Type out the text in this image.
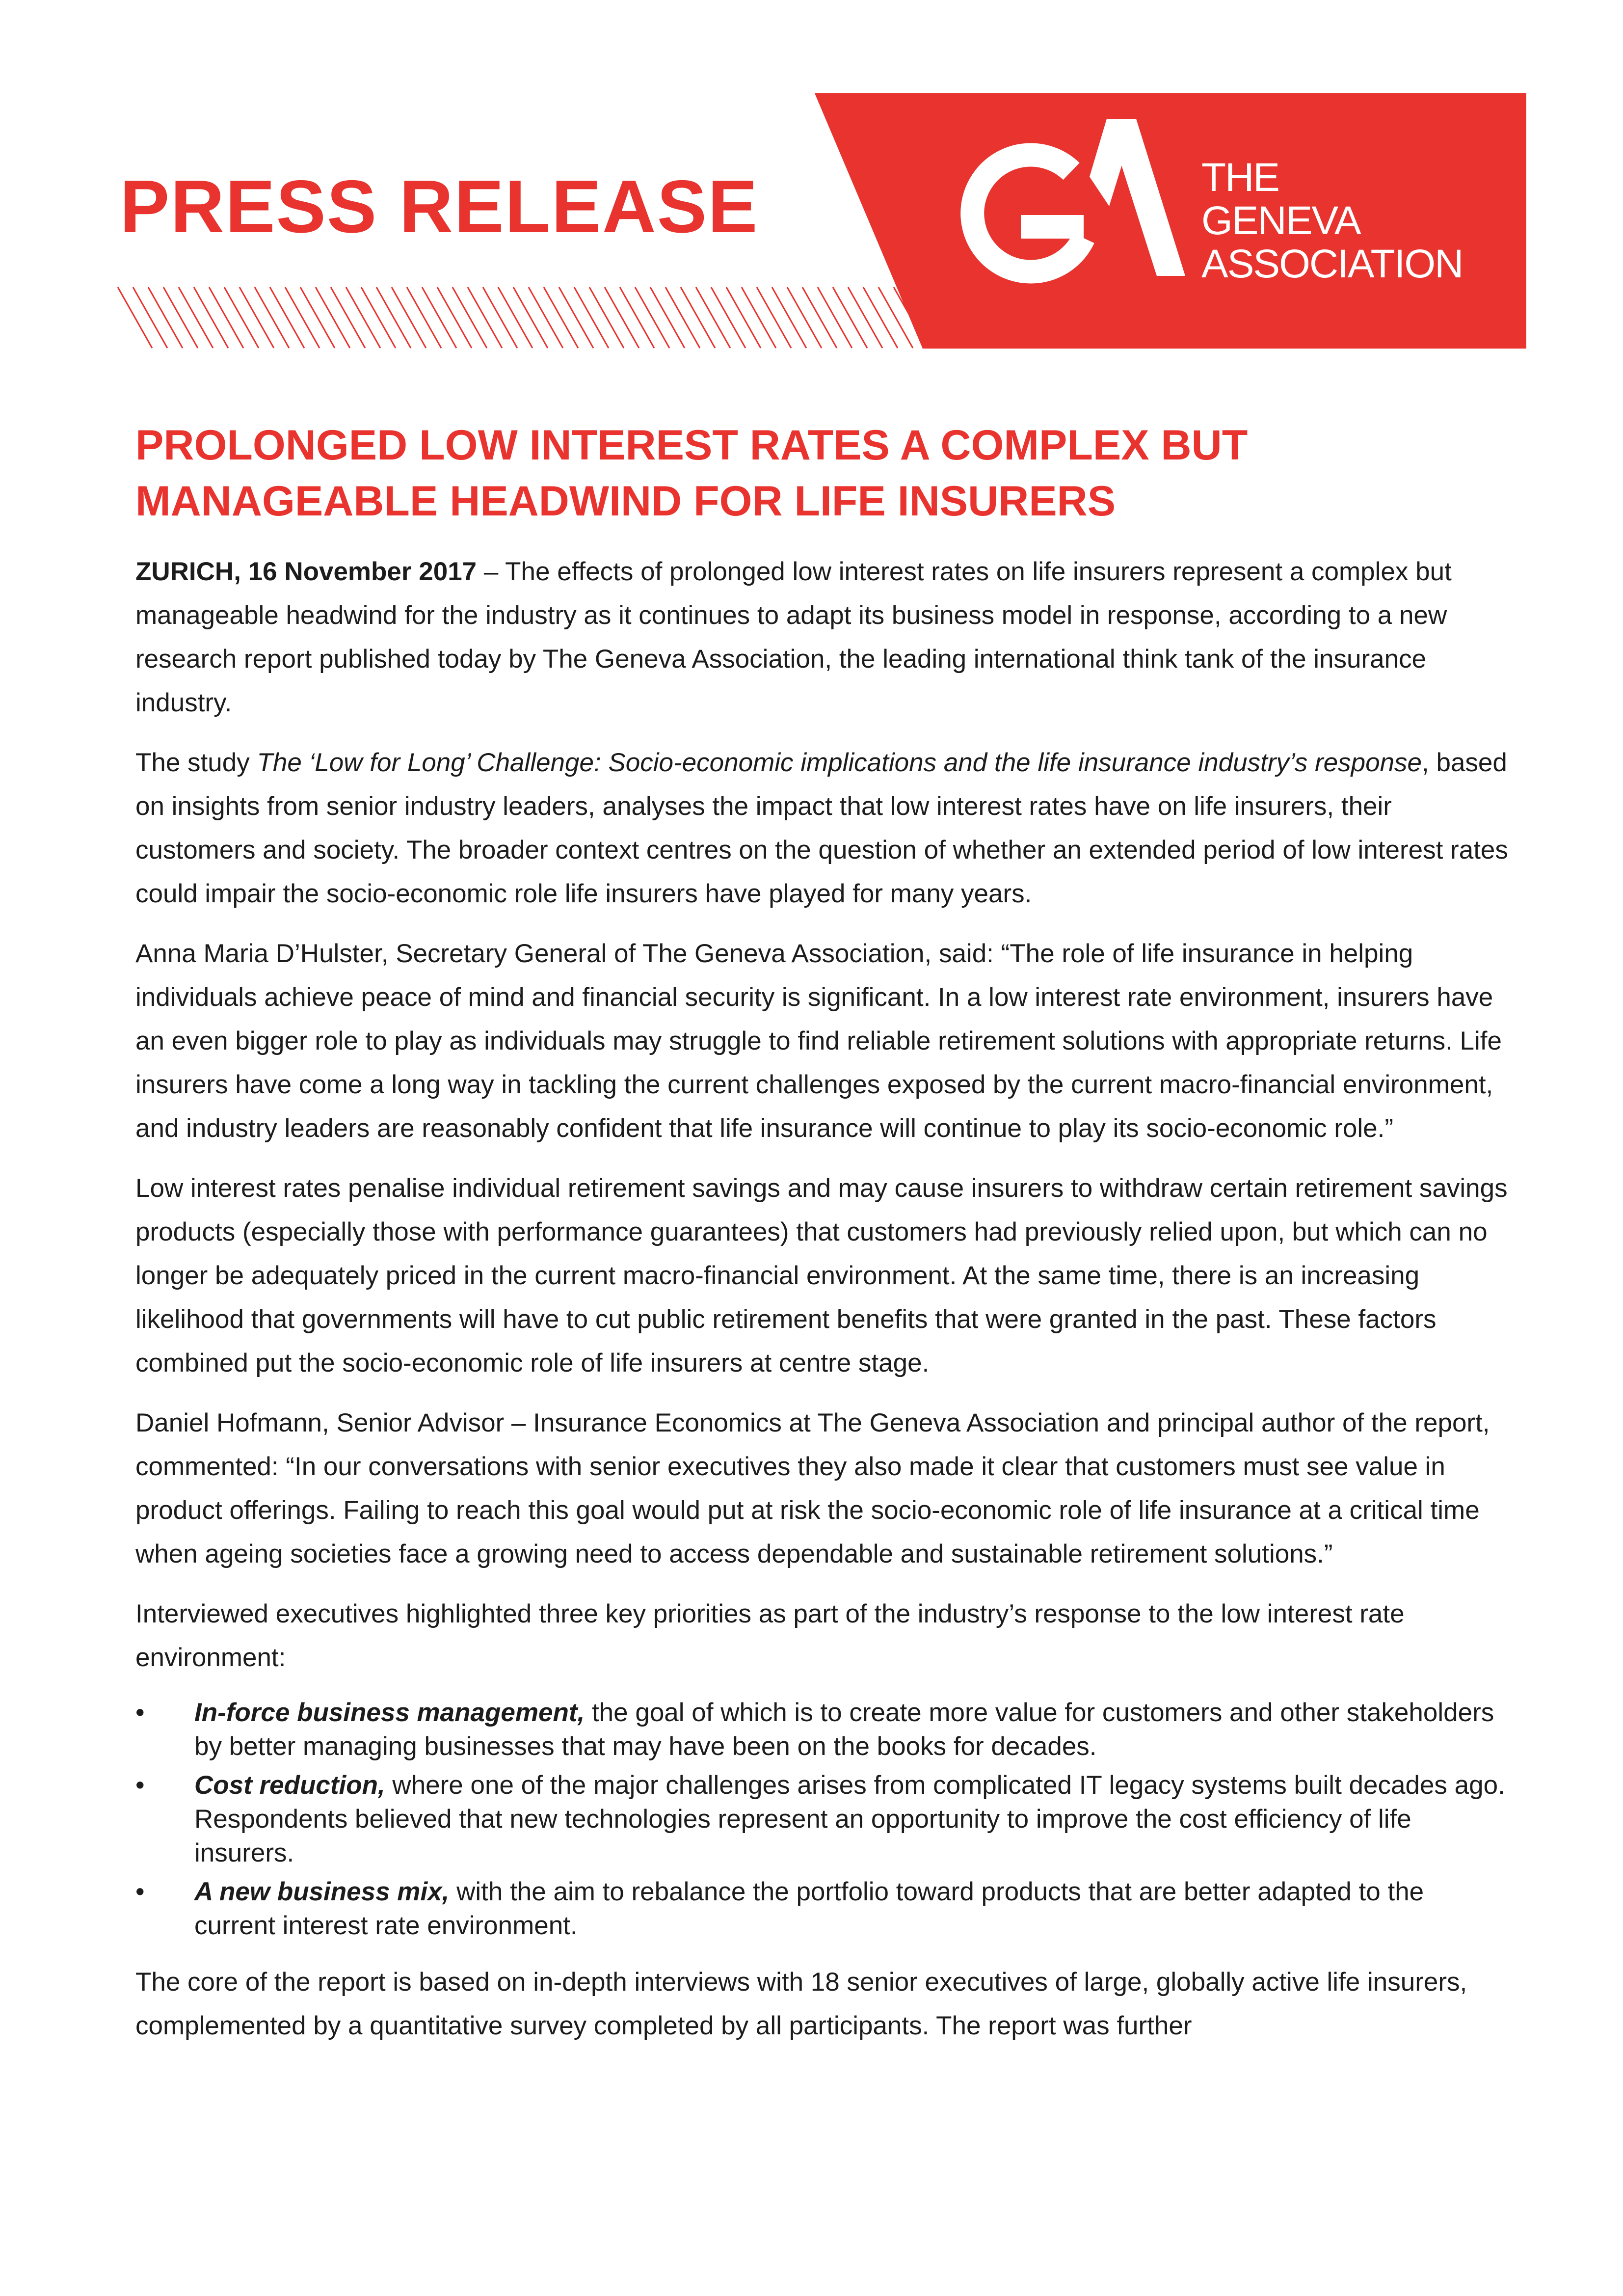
PRESS RELEASE	THE
GENEVA
ASSOCIATION
PROLONGED LOW INTEREST RATES A COMPLEX BUT
MANAGEABLE HEADWIND FOR LIFE INSURERS

ZURICH, 16 November 2017 – The effects of prolonged low interest rates on life insurers represent a complex but manageable headwind for the industry as it continues to adapt its business model in response, according to a new research report published today by The Geneva Association, the leading international think tank of the insurance industry.

The study The ‘Low for Long’ Challenge: Socio-economic implications and the life insurance industry’s response, based on insights from senior industry leaders, analyses the impact that low interest rates have on life insurers, their customers and society. The broader context centres on the question of whether an extended period of low interest rates could impair the socio-economic role life insurers have played for many years.

Anna Maria D’Hulster, Secretary General of The Geneva Association, said: “The role of life insurance in helping individuals achieve peace of mind and financial security is significant. In a low interest rate environment, insurers have an even bigger role to play as individuals may struggle to find reliable retirement solutions with appropriate returns. Life insurers have come a long way in tackling the current challenges exposed by the current macro-financial environment, and industry leaders are reasonably confident that life insurance will continue to play its socio-economic role.”

Low interest rates penalise individual retirement savings and may cause insurers to withdraw certain retirement savings products (especially those with performance guarantees) that customers had previously relied upon, but which can no longer be adequately priced in the current macro-financial environment. At the same time, there is an increasing likelihood that governments will have to cut public retirement benefits that were granted in the past. These factors combined put the socio-economic role of life insurers at centre stage.

Daniel Hofmann, Senior Advisor – Insurance Economics at The Geneva Association and principal author of the report, commented: “In our conversations with senior executives they also made it clear that customers must see value in product offerings. Failing to reach this goal would put at risk the socio-economic role of life insurance at a critical time when ageing societies face a growing need to access dependable and sustainable retirement solutions.”

Interviewed executives highlighted three key priorities as part of the industry’s response to the low interest rate environment:

• In-force business management, the goal of which is to create more value for customers and other stakeholders by better managing businesses that may have been on the books for decades.
• Cost reduction, where one of the major challenges arises from complicated IT legacy systems built decades ago. Respondents believed that new technologies represent an opportunity to improve the cost efficiency of life insurers.
• A new business mix, with the aim to rebalance the portfolio toward products that are better adapted to the current interest rate environment.

The core of the report is based on in-depth interviews with 18 senior executives of large, globally active life insurers, complemented by a quantitative survey completed by all participants. The report was further
